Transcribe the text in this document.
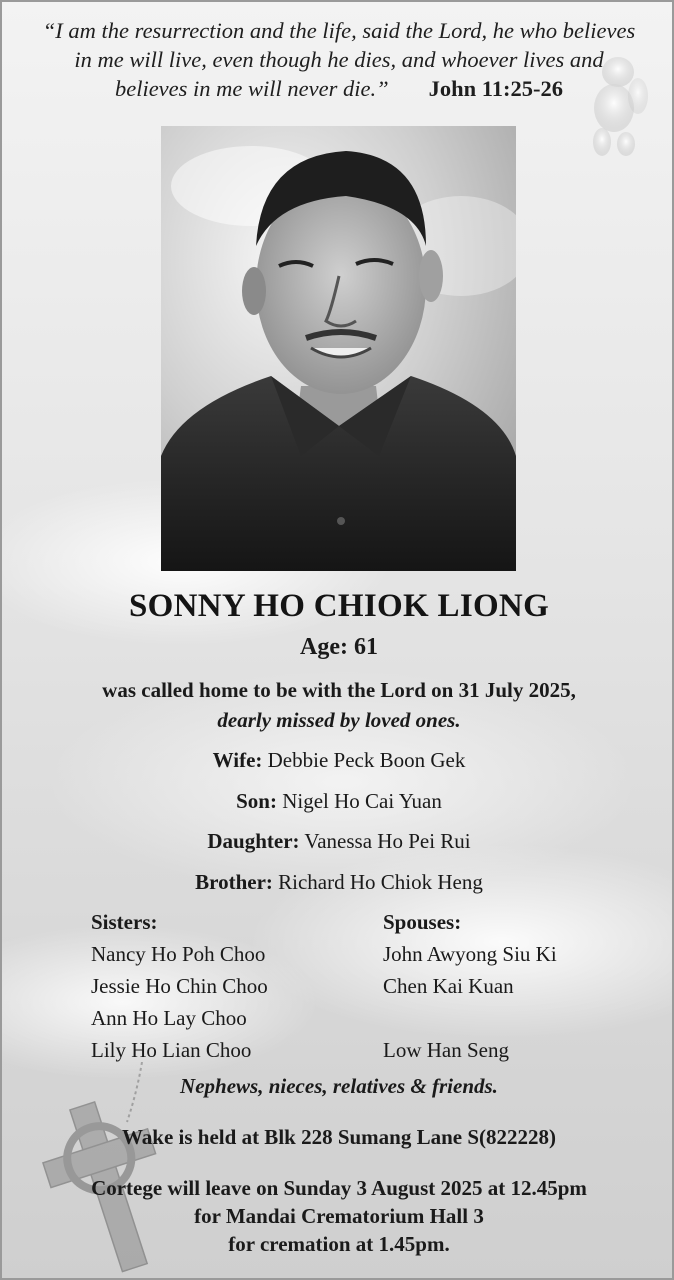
“I am the resurrection and the life, said the Lord, he who believes
in me will live, even though he dies, and whoever lives and
believes in me will never die.” John 11:25-26
SONNY HO CHIOK LIONG
Age: 61
was called home to be with the Lord on 31 July 2025,
dearly missed by loved ones.
Wife: Debbie Peck Boon Gek
Son: Nigel Ho Cai Yuan
Daughter: Vanessa Ho Pei Rui
Brother: Richard Ho Chiok Heng
Sisters:
Nancy Ho Poh Choo
Jessie Ho Chin Choo
Ann Ho Lay Choo
Lily Ho Lian Choo
Spouses:
John Awyong Siu Ki
Chen Kai Kuan
Low Han Seng
Nephews, nieces, relatives & friends.
Wake is held at Blk 228 Sumang Lane S(822228)
Cortege will leave on Sunday 3 August 2025 at 12.45pm
for Mandai Crematorium Hall 3
for cremation at 1.45pm.
